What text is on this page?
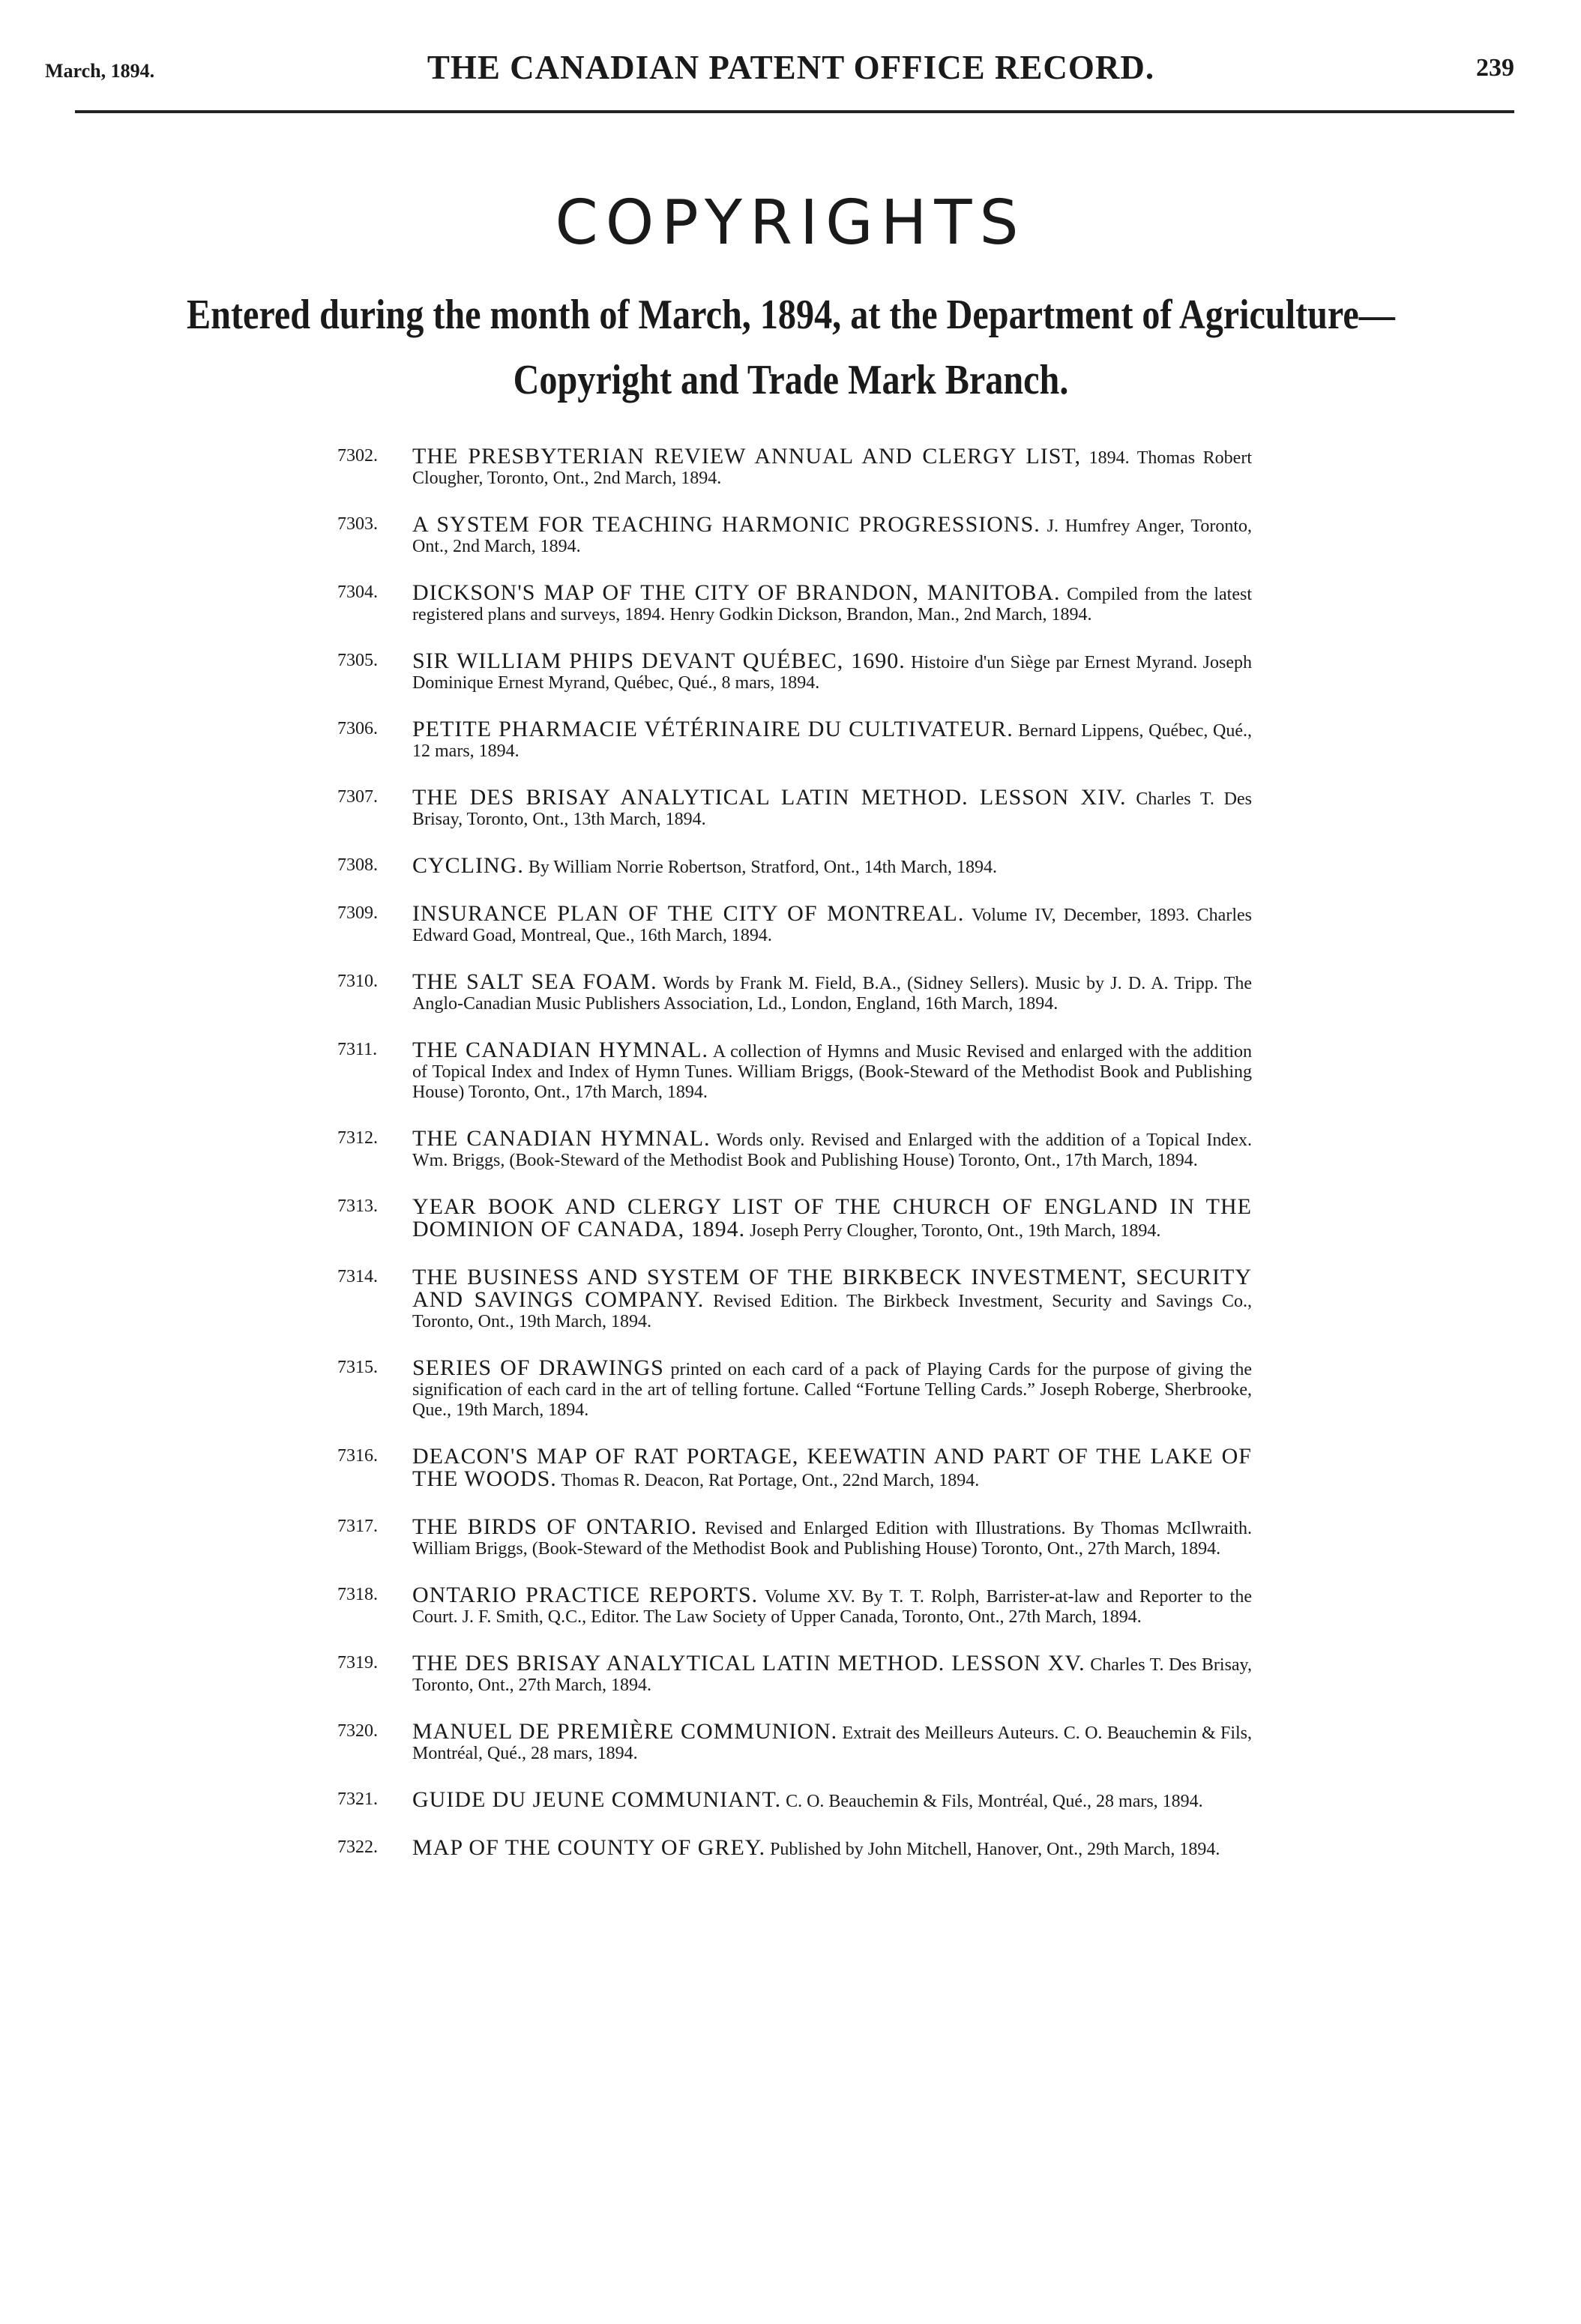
March, 1894.	THE CANADIAN PATENT OFFICE RECORD.	239
COPYRIGHTS
Entered during the month of March, 1894, at the Department of Agriculture—
Copyright and Trade Mark Branch.
7302. THE PRESBYTERIAN REVIEW ANNUAL AND CLERGY LIST, 1894. Thomas Robert Clougher, Toronto, Ont., 2nd March, 1894.
7303. A SYSTEM FOR TEACHING HARMONIC PROGRESSIONS. J. Humfrey Anger, Toronto, Ont., 2nd March, 1894.
7304. DICKSON'S MAP OF THE CITY OF BRANDON, MANITOBA. Compiled from the latest registered plans and surveys, 1894. Henry Godkin Dickson, Brandon, Man., 2nd March, 1894.
7305. SIR WILLIAM PHIPS DEVANT QUÉBEC, 1690. Histoire d'un Siège par Ernest Myrand. Joseph Dominique Ernest Myrand, Québec, Qué., 8 mars, 1894.
7306. PETITE PHARMACIE VÉTÉRINAIRE DU CULTIVATEUR. Bernard Lippens, Québec, Qué., 12 mars, 1894.
7307. THE DES BRISAY ANALYTICAL LATIN METHOD. LESSON XIV. Charles T. Des Brisay, Toronto, Ont., 13th March, 1894.
7308. CYCLING. By William Norrie Robertson, Stratford, Ont., 14th March, 1894.
7309. INSURANCE PLAN OF THE CITY OF MONTREAL. Volume IV, December, 1893. Charles Edward Goad, Montreal, Que., 16th March, 1894.
7310. THE SALT SEA FOAM. Words by Frank M. Field, B.A., (Sidney Sellers). Music by J. D. A. Tripp. The Anglo-Canadian Music Publishers Association, Ld., London, England, 16th March, 1894.
7311. THE CANADIAN HYMNAL. A collection of Hymns and Music Revised and enlarged with the addition of Topical Index and Index of Hymn Tunes. William Briggs, (Book-Steward of the Methodist Book and Publishing House) Toronto, Ont., 17th March, 1894.
7312. THE CANADIAN HYMNAL. Words only. Revised and Enlarged with the addition of a Topical Index. Wm. Briggs, (Book-Steward of the Methodist Book and Publishing House) Toronto, Ont., 17th March, 1894.
7313. YEAR BOOK AND CLERGY LIST OF THE CHURCH OF ENGLAND IN THE DOMINION OF CANADA, 1894. Joseph Perry Clougher, Toronto, Ont., 19th March, 1894.
7314. THE BUSINESS AND SYSTEM OF THE BIRKBECK INVESTMENT, SECURITY AND SAVINGS COMPANY. Revised Edition. The Birkbeck Investment, Security and Savings Co., Toronto, Ont., 19th March, 1894.
7315. SERIES OF DRAWINGS printed on each card of a pack of Playing Cards for the purpose of giving the signification of each card in the art of telling fortune. Called “Fortune Telling Cards.” Joseph Roberge, Sherbrooke, Que., 19th March, 1894.
7316. DEACON'S MAP OF RAT PORTAGE, KEEWATIN AND PART OF THE LAKE OF THE WOODS. Thomas R. Deacon, Rat Portage, Ont., 22nd March, 1894.
7317. THE BIRDS OF ONTARIO. Revised and Enlarged Edition with Illustrations. By Thomas McIlwraith. William Briggs, (Book-Steward of the Methodist Book and Publishing House) Toronto, Ont., 27th March, 1894.
7318. ONTARIO PRACTICE REPORTS. Volume XV. By T. T. Rolph, Barrister-at-law and Reporter to the Court. J. F. Smith, Q.C., Editor. The Law Society of Upper Canada, Toronto, Ont., 27th March, 1894.
7319. THE DES BRISAY ANALYTICAL LATIN METHOD. LESSON XV. Charles T. Des Brisay, Toronto, Ont., 27th March, 1894.
7320. MANUEL DE PREMIÈRE COMMUNION. Extrait des Meilleurs Auteurs. C. O. Beauchemin & Fils, Montréal, Qué., 28 mars, 1894.
7321. GUIDE DU JEUNE COMMUNIANT. C. O. Beauchemin & Fils, Montréal, Qué., 28 mars, 1894.
7322. MAP OF THE COUNTY OF GREY. Published by John Mitchell, Hanover, Ont., 29th March, 1894.
